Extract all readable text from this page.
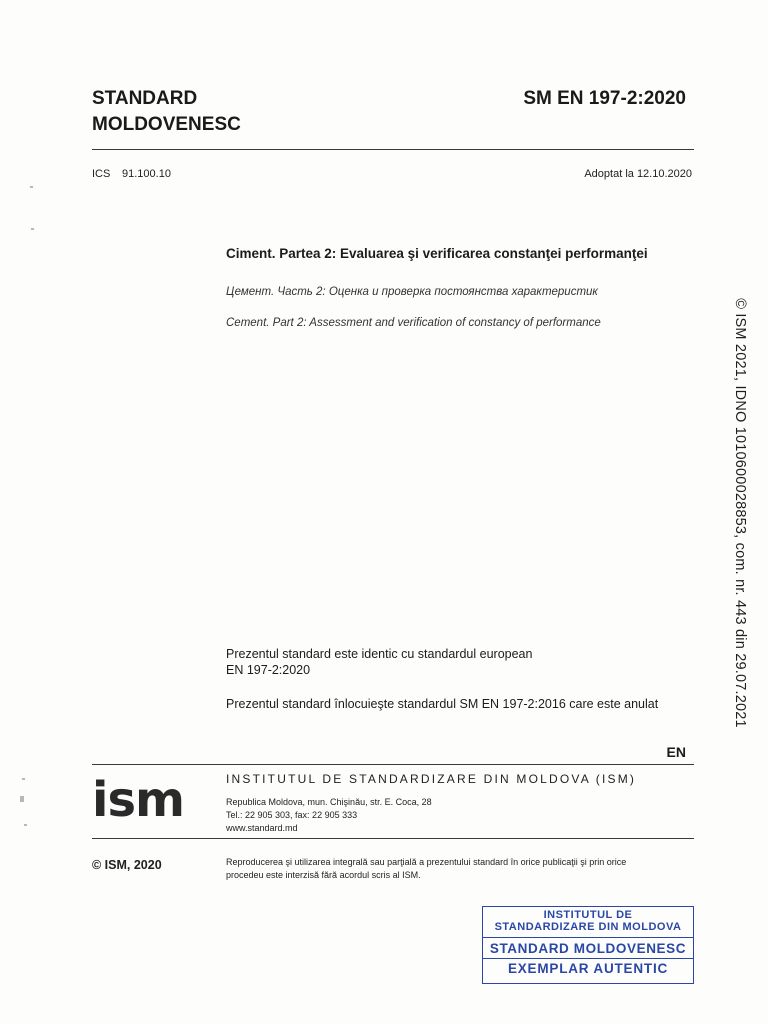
STANDARD
MOLDOVENESC
SM EN 197-2:2020
ICS 91.100.10	Adoptat la 12.10.2020
Ciment. Partea 2: Evaluarea şi verificarea constanţei performanţei
Цемент. Часть 2: Оценка и проверка постоянства характеристик
Cement. Part 2: Assessment and verification of constancy of performance	© ISM 2021, IDNO 1010600028853, com. nr. 443 din 29.07.2021
Prezentul standard este identic cu standardul european
EN 197-2:2020
Prezentul standard înlocuieşte standardul SM EN 197-2:2016 care este anulat
EN
ism	INSTITUTUL DE STANDARDIZARE DIN MOLDOVA (ISM)
Republica Moldova, mun. Chişinău, str. E. Coca, 28
Tel.: 22 905 303, fax: 22 905 333
www.standard.md
© ISM, 2020	Reproducerea şi utilizarea integrală sau parţială a prezentului standard în orice publicaţii şi prin orice
procedeu este interzisă fără acordul scris al ISM.
INSTITUTUL DE
STANDARDIZARE DIN MOLDOVA
STANDARD MOLDOVENESC
EXEMPLAR AUTENTIC
